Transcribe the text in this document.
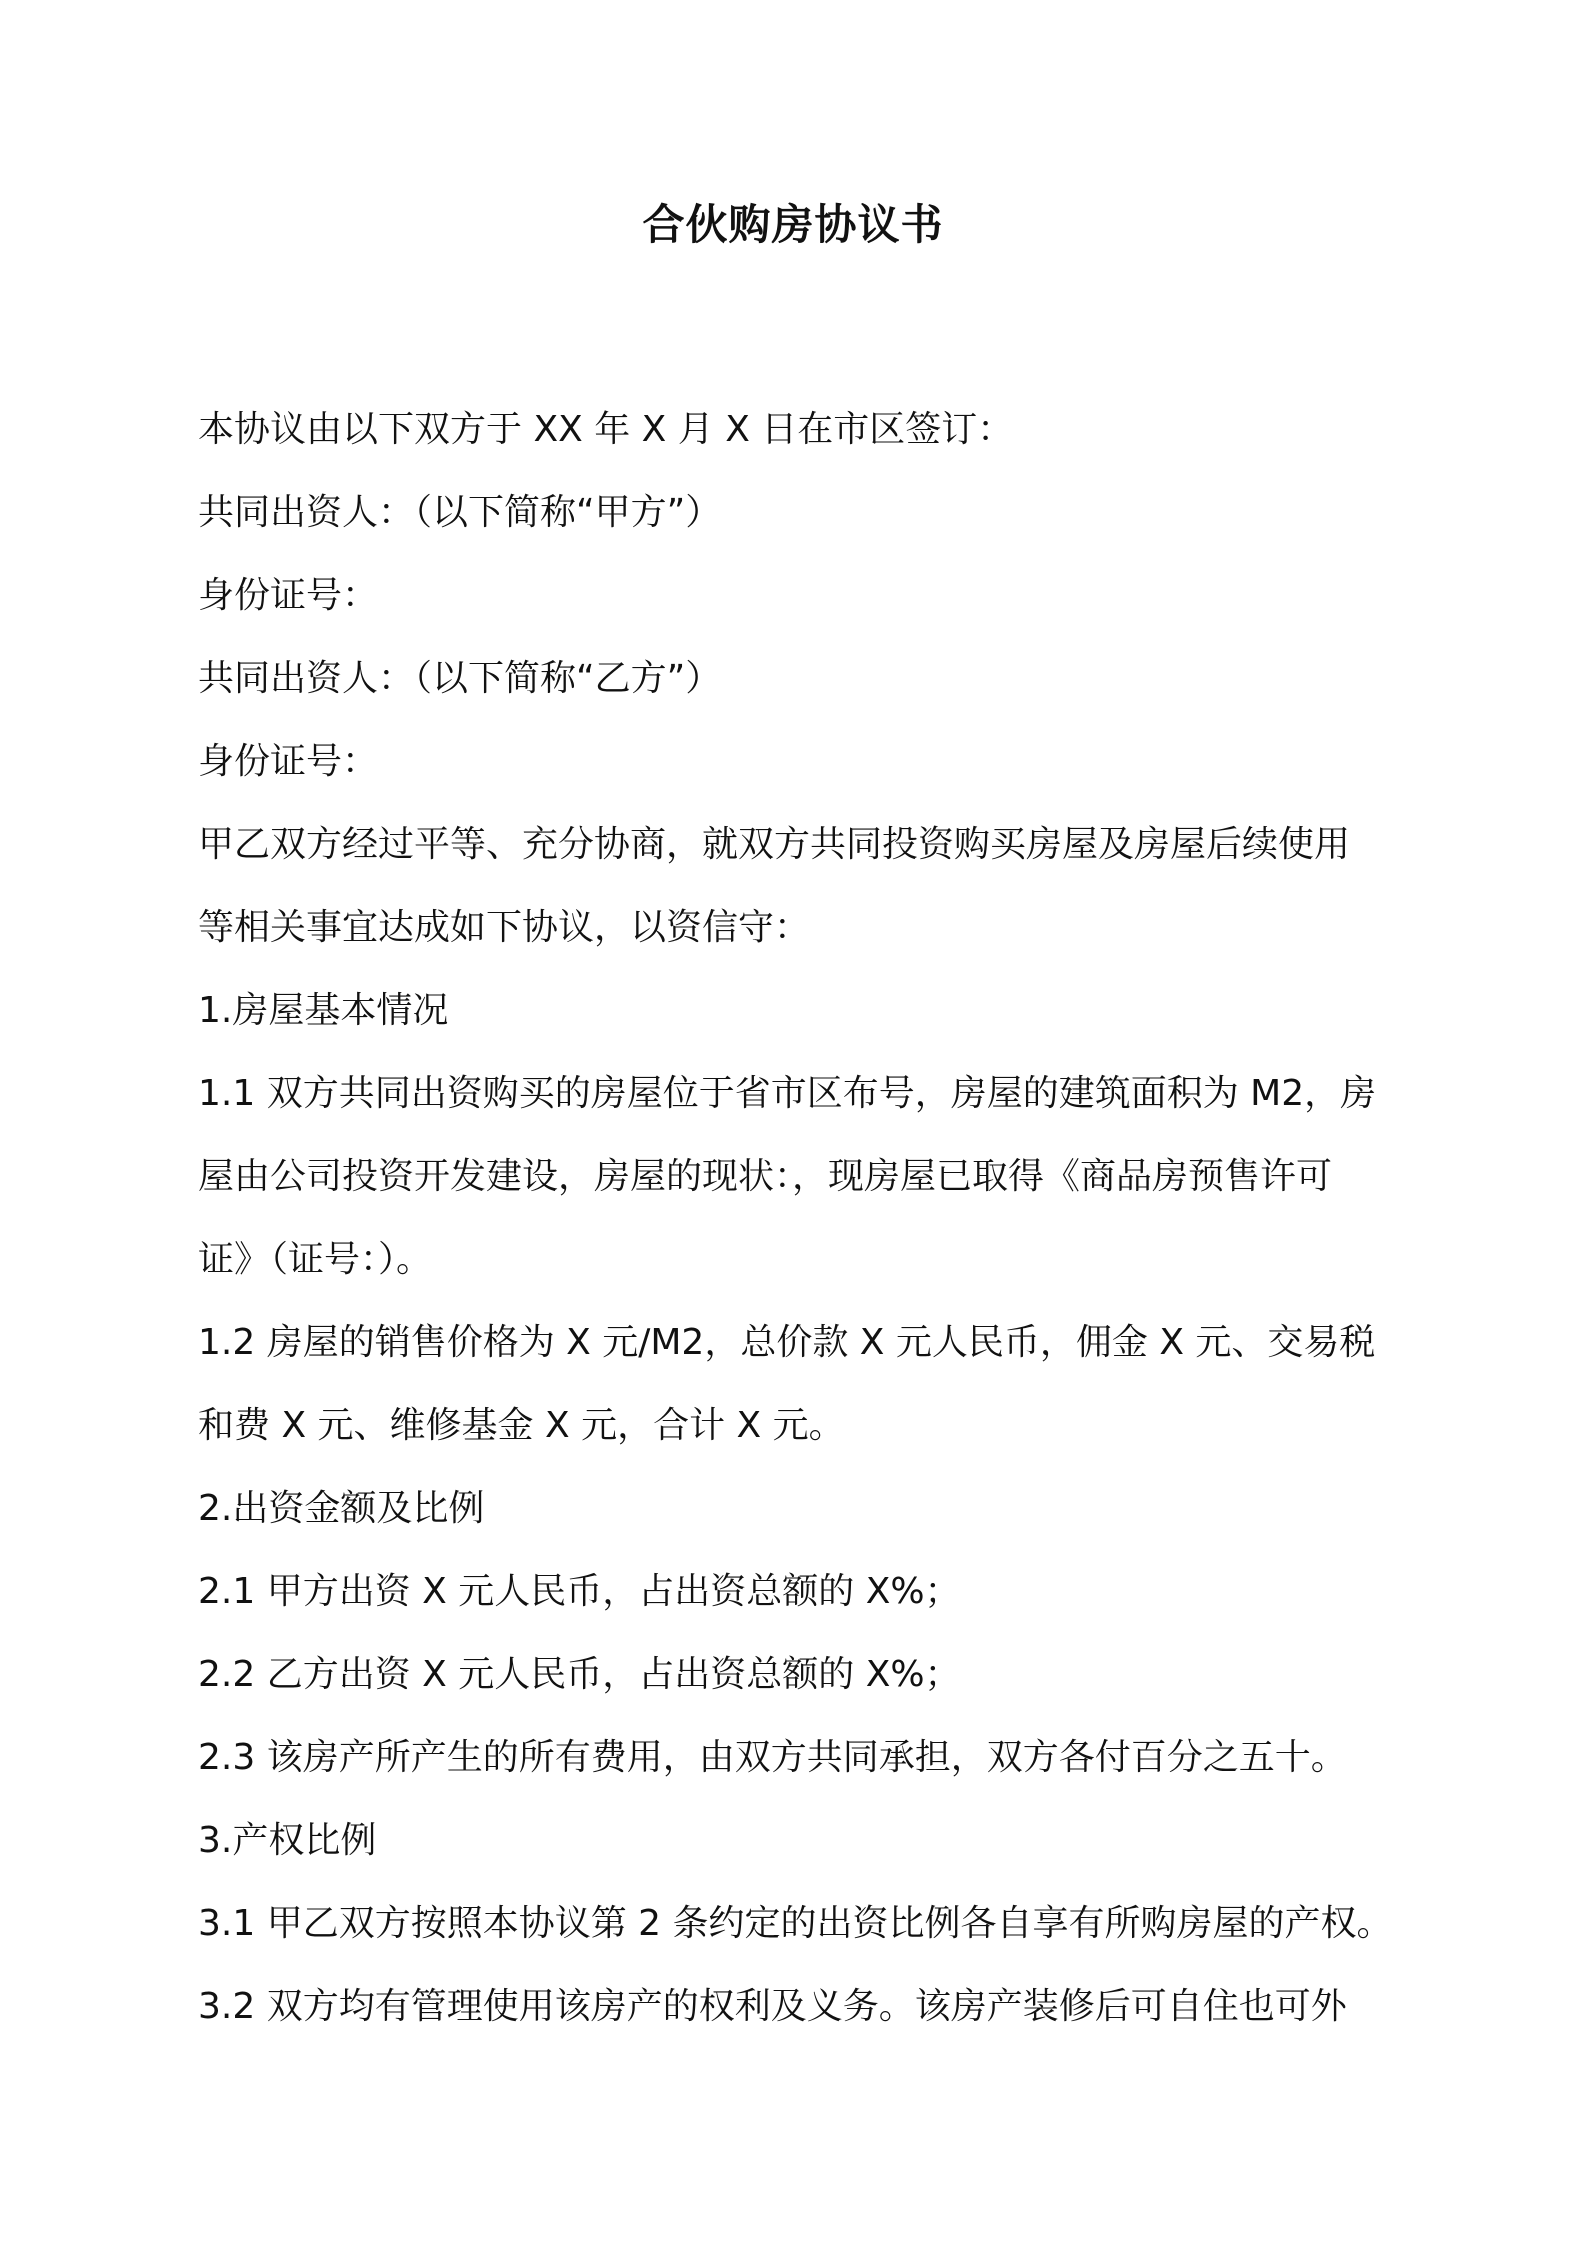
合伙购房协议书
本协议由以下双方于 XX 年 X 月 X 日在市区签订：
共同出资人：（以下简称“甲方”）
身份证号：
共同出资人：（以下简称“乙方”）
身份证号：
甲乙双方经过平等、充分协商，就双方共同投资购买房屋及房屋后续使用
等相关事宜达成如下协议，以资信守：
1.房屋基本情况
1.1 双方共同出资购买的房屋位于省市区布号，房屋的建筑面积为 M2，房
屋由公司投资开发建设，房屋的现状：，现房屋已取得《商品房预售许可
证》（证号：）。
1.2 房屋的销售价格为 X 元/M2，总价款 X 元人民币，佣金 X 元、交易税
和费 X 元、维修基金 X 元，合计 X 元。
2.出资金额及比例
2.1 甲方出资 X 元人民币，占出资总额的 X%；
2.2 乙方出资 X 元人民币，占出资总额的 X%；
2.3 该房产所产生的所有费用，由双方共同承担，双方各付百分之五十。
3.产权比例
3.1 甲乙双方按照本协议第 2 条约定的出资比例各自享有所购房屋的产权。
3.2 双方均有管理使用该房产的权利及义务。该房产装修后可自住也可外
